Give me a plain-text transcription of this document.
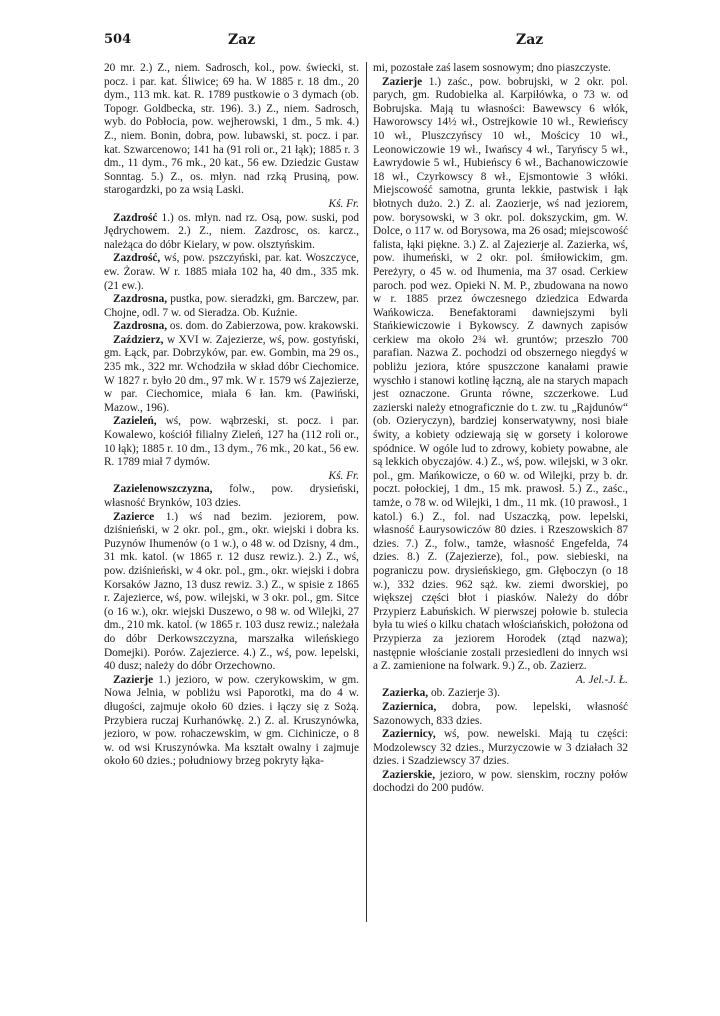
504	Zaz	Zaz

20 mr. 2.) Z., niem. Sadrosch, kol., pow. świecki, st. pocz. i par. kat. Śliwice; 69 ha. W 1885 r. 18 dm., 20 dym., 113 mk. kat. R. 1789 pustkowie o 3 dymach (ob. Topogr. Goldbecka, str. 196). 3.) Z., niem. Sadrosch, wyb. do Pobłocia, pow. wejherowski, 1 dm., 5 mk. 4.) Z., niem. Bonin, dobra, pow. lubawski, st. pocz. i par. kat. Szwarcenowo; 141 ha (91 roli or., 21 łąk); 1885 r. 3 dm., 11 dym., 76 mk., 20 kat., 56 ew. Dziedzic Gustaw Sonntag. 5.) Z., os. młyn. nad rzką Prusiną, pow. starogardzki, po za wsią Laski.
Kś. Fr.

Zazdrość 1.) os. młyn. nad rz. Osą, pow. suski, pod Jędrychowem. 2.) Z., niem. Zazdrosc, os. karcz., należąca do dóbr Kielary, w pow. olsztyńskim.

Zazdrość, wś, pow. pszczyński, par. kat. Woszczyce, ew. Żoraw. W r. 1885 miała 102 ha, 40 dm., 335 mk. (21 ew.).

Zazdrosna, pustka, pow. sieradzki, gm. Barczew, par. Chojne, odl. 7 w. od Sieradza. Ob. Kuźnie.

Zazdrosna, os. dom. do Zabierzowa, pow. krakowski.

Zaździerz, w XVI w. Zajezierze, wś, pow. gostyński, gm. Łąck, par. Dobrzyków, par. ew. Gombin, ma 29 os., 235 mk., 322 mr. Wchodziła w skład dóbr Ciechomice. W 1827 r. było 20 dm., 97 mk. W r. 1579 wś Zajezierze, w par. Ciechomice, miała 6 łan. km. (Pawiński, Mazow., 196).

Zazieleń, wś, pow. wąbrzeski, st. pocz. i par. Kowalewo, kościół filialny Zieleń, 127 ha (112 roli or., 10 łąk); 1885 r. 10 dm., 13 dym., 76 mk., 20 kat., 56 ew. R. 1789 miał 7 dymów.
Kś. Fr.

Zazielenowszczyzna, folw., pow. drysieński, własność Brynków, 103 dzies.

Zazierce 1.) wś nad bezim. jeziorem, pow. dziśnieński, w 2 okr. pol., gm., okr. wiejski i dobra ks. Puzynów Ihumenów (o 1 w.), o 48 w. od Dzisny, 4 dm., 31 mk. katol. (w 1865 r. 12 dusz rewiz.). 2.) Z., wś, pow. dziśnieński, w 4 okr. pol., gm., okr. wiejski i dobra Korsaków Jazno, 13 dusz rewiz. 3.) Z., w spisie z 1865 r. Zajezierce, wś, pow. wilejski, w 3 okr. pol., gm. Sitce (o 16 w.), okr. wiejski Duszewo, o 98 w. od Wilejki, 27 dm., 210 mk. katol. (w 1865 r. 103 dusz rewiz.; należała do dóbr Derkowszczyzna, marszałka wileńskiego Domejki). Porów. Zajezierce. 4.) Z., wś, pow. lepelski, 40 dusz; należy do dóbr Orzechowno.

Zazierje 1.) jezioro, w pow. czerykowskim, w gm. Nowa Jelnia, w pobliżu wsi Paporotki, ma do 4 w. długości, zajmuje około 60 dzies. i łączy się z Sożą. Przybiera ruczaj Kurhanówkę. 2.) Z. al. Kruszynówka, jezioro, w pow. rohaczewskim, w gm. Cichinicze, o 8 w. od wsi Kruszynówka. Ma kształt owalny i zajmuje około 60 dzies.; południowy brzeg pokryty łąka-

mi, pozostałe zaś lasem sosnowym; dno piaszczyste.

Zazierje 1.) zaśc., pow. bobrujski, w 2 okr. pol. parych, gm. Rudobielka al. Karpiłówka, o 73 w. od Bobrujska. Mają tu własności: Bawewscy 6 włók, Haworowscy 14½ wł., Ostrejkowie 10 wł., Rewieńscy 10 wł., Pluszczyńscy 10 wł., Mościcy 10 wł., Leonowiczowie 19 wł., Iwańscy 4 wł., Taryńscy 5 wł., Ławrydowie 5 wł., Hubieńscy 6 wł., Bachanowiczowie 18 wł., Czyrkowscy 8 wł., Ejsmontowie 3 włóki. Miejscowość samotna, grunta lekkie, pastwisk i łąk błotnych dużo. 2.) Z. al. Zaozierje, wś nad jeziorem, pow. borysowski, w 3 okr. pol. dokszyckim, gm. W. Dolce, o 117 w. od Borysowa, ma 26 osad; miejscowość falista, łąki piękne. 3.) Z. al Zajezierje al. Zazierka, wś, pow. ihumeński, w 2 okr. pol. śmiłowickim, gm. Pereżyry, o 45 w. od Ihumenia, ma 37 osad. Cerkiew paroch. pod wez. Opieki N. M. P., zbudowana na nowo w r. 1885 przez ówczesnego dziedzica Edwarda Wańkowicza. Benefaktorami dawniejszymi byli Stańkiewiczowie i Bykowscy. Z dawnych zapisów cerkiew ma około 2¾ wł. gruntów; przeszło 700 parafian. Nazwa Z. pochodzi od obszernego niegdyś w pobliżu jeziora, które spuszczone kanałami prawie wyschło i stanowi kotlinę łączną, ale na starych mapach jest oznaczone. Grunta równe, szczerkowe. Lud zazierski należy etnograficznie do t. zw. tu „Rajdunów“ (ob. Ozieryczyn), bardziej konserwatywny, nosi białe świty, a kobiety odziewają się w gorsety i kolorowe spódnice. W ogóle lud to zdrowy, kobiety powabne, ale są lekkich obyczajów. 4.) Z., wś, pow. wilejski, w 3 okr. pol., gm. Mańkowicze, o 60 w. od Wilejki, przy b. dr. poczt. połockiej, 1 dm., 15 mk. prawosł. 5.) Z., zaśc., tamże, o 78 w. od Wilejki, 1 dm., 11 mk. (10 prawosł., 1 katol.) 6.) Z., fol. nad Uszaczką, pow. lepelski, własność Łaurysowiczów 80 dzies. i Rzeszowskich 87 dzies. 7.) Z., folw., tamże, własność Engefelda, 74 dzies. 8.) Z. (Zajezierze), fol., pow. siebieski, na pograniczu pow. drysieńskiego, gm. Głęboczyn (o 18 w.), 332 dzies. 962 sąż. kw. ziemi dworskiej, po większej części błot i piasków. Należy do dóbr Przypierz Łabuńskich. W pierwszej połowie b. stulecia była tu wieś o kilku chatach włościańskich, położona od Przypierza za jeziorem Horodek (ztąd nazwa); następnie włościanie zostali przesiedleni do innych wsi a Z. zamienione na folwark. 9.) Z., ob. Zazierz.
A. Jel.-J. Ł.

Zazierka, ob. Zazierje 3).

Zazierniсa, dobra, pow. lepelski, własność Sazonowych, 833 dzies.

Zaziernicy, wś, pow. newelski. Mają tu części: Modzolewscy 32 dzies., Murzyczowie w 3 działach 32 dzies. i Szadziewscy 37 dzies.

Zazierskie, jezioro, w pow. sienskim, roczny połów dochodzi do 200 pudów.
